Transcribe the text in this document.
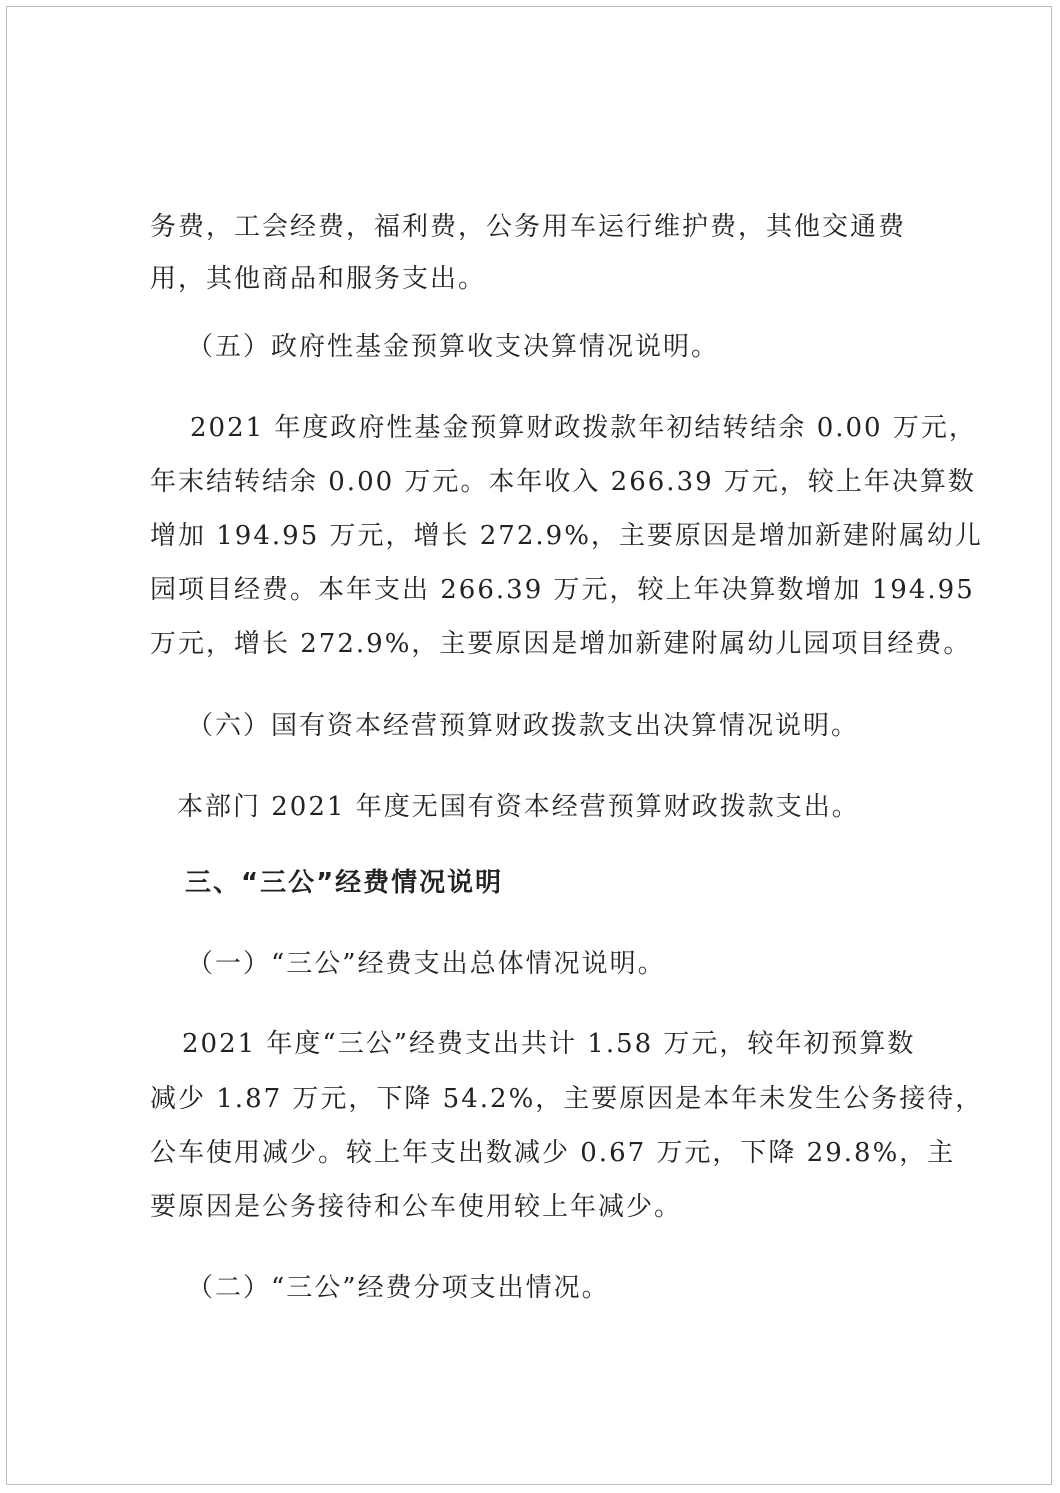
务费，工会经费，福利费，公务用车运行维护费，其他交通费
用，其他商品和服务支出。
（五）政府性基金预算收支决算情况说明。
2021 年度政府性基金预算财政拨款年初结转结余 0.00 万元，
年末结转结余 0.00 万元。本年收入 266.39 万元，较上年决算数
增加 194.95 万元，增长 272.9%，主要原因是增加新建附属幼儿
园项目经费。本年支出 266.39 万元，较上年决算数增加 194.95
万元，增长 272.9%，主要原因是增加新建附属幼儿园项目经费。
（六）国有资本经营预算财政拨款支出决算情况说明。
本部门 2021 年度无国有资本经营预算财政拨款支出。
三、“三公”经费情况说明
（一）“三公”经费支出总体情况说明。
2021 年度“三公”经费支出共计 1.58 万元，较年初预算数
减少 1.87 万元，下降 54.2%，主要原因是本年未发生公务接待，
公车使用减少。较上年支出数减少 0.67 万元，下降 29.8%，主
要原因是公务接待和公车使用较上年减少。
（二）“三公”经费分项支出情况。
